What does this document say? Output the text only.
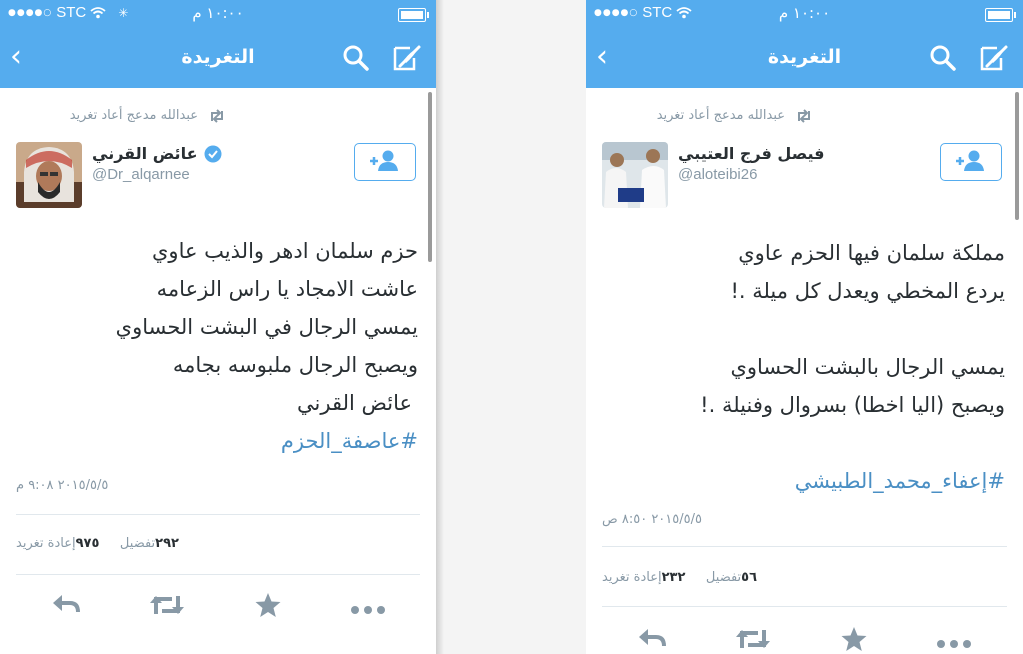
●●●●○ STC	✳	١٠:٠٠ م
‹	التغريدة
عبدالله مدعج أعاد تغريد
عائض القرني
@Dr_alqarnee
حزم سلمان ادهر والذيب عاوي
عاشت الامجاد يا راس الزعامه
يمسي الرجال في البشت الحساوي
ويصبح الرجال ملبوسه بجامه
عائض القرني
#عاصفة_الحزم
٢٠١٥/٥/٥ ٩:٠٨ م
٢٩٢تفضيل    ٩٧٥إعادة تغريد
●●●●○ STC	١٠:٠٠ م
‹	التغريدة
عبدالله مدعج أعاد تغريد
فيصل فرج العتيبي
@aloteibi26
مملكة سلمان فيها الحزم عاوي
يردع المخطي ويعدل كل ميلة .!
يمسي الرجال بالبشت الحساوي
ويصبح (اليا اخطا) بسروال وفنيلة .!
#إعفاء_محمد_الطبيشي
٢٠١٥/٥/٥ ٨:٥٠ ص
٥٦تفضيل    ٢٣٢إعادة تغريد
